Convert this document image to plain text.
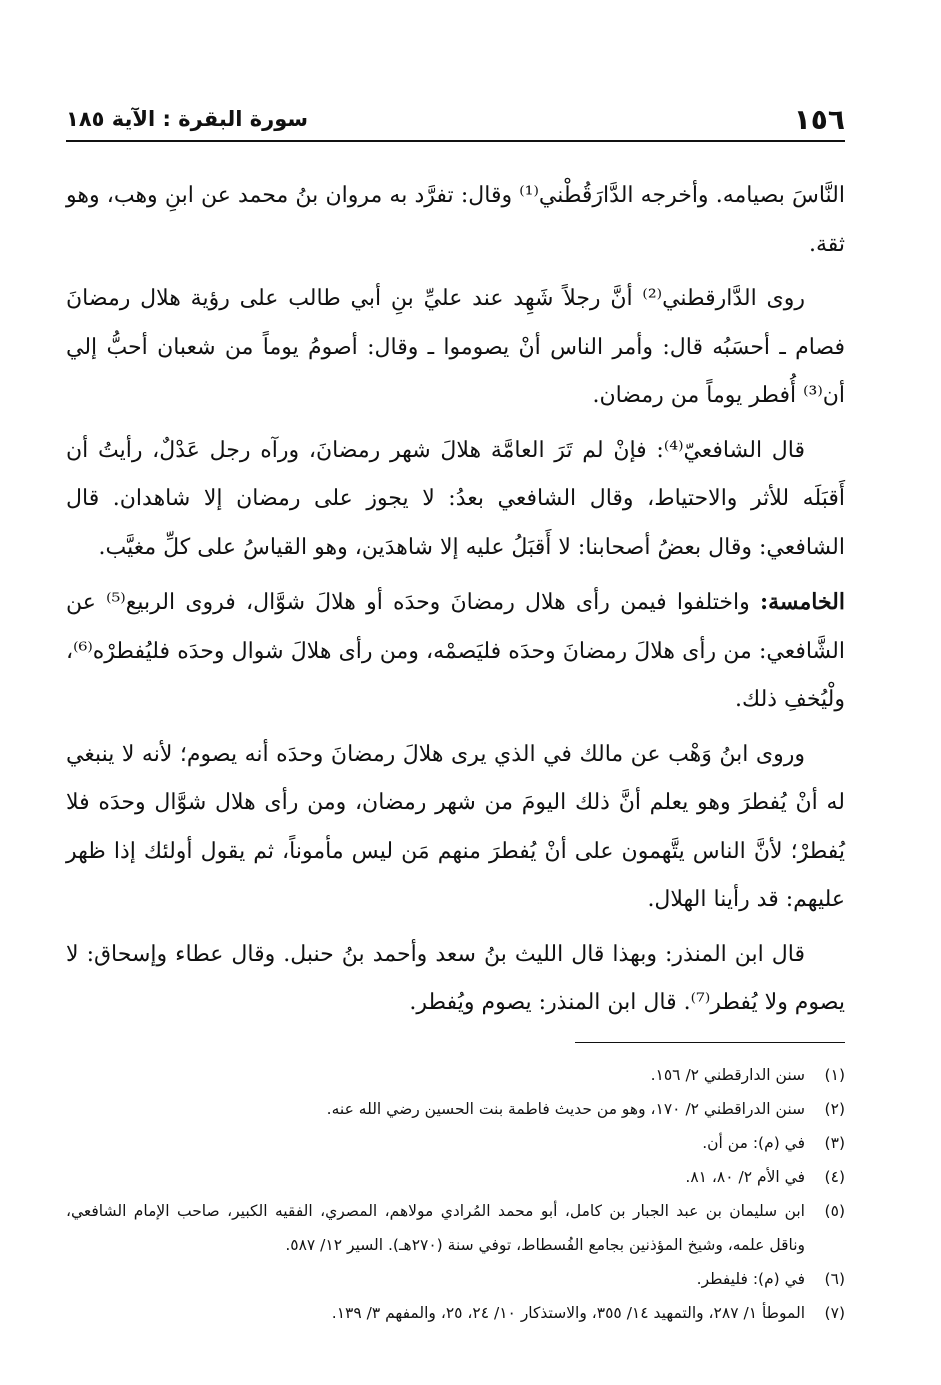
١٥٦
سورة البقرة : الآية ١٨٥

النَّاسَ بصيامه. وأخرجه الدَّارَقُطْني⁽¹⁾ وقال: تفرَّد به مروان بنُ محمد عن ابنِ وهب، وهو ثقة.

روى الدَّارقطني⁽²⁾ أنَّ رجلاً شَهِد عند عليِّ بنِ أبي طالب على رؤية هلال رمضانَ فصام ـ أحسَبُه قال: وأمر الناس أنْ يصوموا ـ وقال: أصومُ يوماً من شعبان أحبُّ إلي أن⁽³⁾ أُفطر يوماً من رمضان.

قال الشافعيّ⁽⁴⁾: فإنْ لم تَرَ العامَّة هلالَ شهر رمضانَ، ورآه رجل عَدْلٌ، رأيتُ أن أَقبَلَه للأثر والاحتياط، وقال الشافعي بعدُ: لا يجوز على رمضان إلا شاهدان. قال الشافعي: وقال بعضُ أصحابنا: لا أَقبَلُ عليه إلا شاهدَين، وهو القياسُ على كلِّ مغيَّب.

الخامسة: واختلفوا فيمن رأى هلال رمضانَ وحدَه أو هلالَ شوَّال، فروى الربيع⁽⁵⁾ عن الشَّافعي: من رأى هلالَ رمضانَ وحدَه فليَصمْه، ومن رأى هلالَ شوال وحدَه فليُفطرْه⁽⁶⁾، ولْيُخفِ ذلك.

وروى ابنُ وَهْب عن مالك في الذي يرى هلالَ رمضانَ وحدَه أنه يصوم؛ لأنه لا ينبغي له أنْ يُفطرَ وهو يعلم أنَّ ذلك اليومَ من شهر رمضان، ومن رأى هلال شوَّال وحدَه فلا يُفطرْ؛ لأنَّ الناس يتَّهمون على أنْ يُفطرَ منهم مَن ليس مأموناً، ثم يقول أولئك إذا ظهر عليهم: قد رأينا الهلال.

قال ابن المنذر: وبهذا قال الليث بنُ سعد وأحمد بنُ حنبل. وقال عطاء وإسحاق: لا يصوم ولا يُفطر⁽⁷⁾. قال ابن المنذر: يصوم ويُفطر.

(١)
سنن الدارقطني ٢/ ١٥٦.
(٢)
سنن الدراقطني ٢/ ١٧٠، وهو من حديث فاطمة بنت الحسين رضي الله عنه.
(٣)
في (م): من أن.
(٤)
في الأم ٢/ ٨٠، ٨١.
(٥)
ابن سليمان بن عبد الجبار بن كامل، أبو محمد المُرادي مولاهم، المصري، الفقيه الكبير، صاحب الإمام الشافعي، وناقل علمه، وشيخ المؤذنين بجامع الفُسطاط، توفي سنة (٢٧٠هـ). السير ١٢/ ٥٨٧.
(٦)
في (م): فليفطر.
(٧)
الموطأ ١/ ٢٨٧، والتمهيد ١٤/ ٣٥٥، والاستذكار ١٠/ ٢٤، ٢٥، والمفهم ٣/ ١٣٩.
